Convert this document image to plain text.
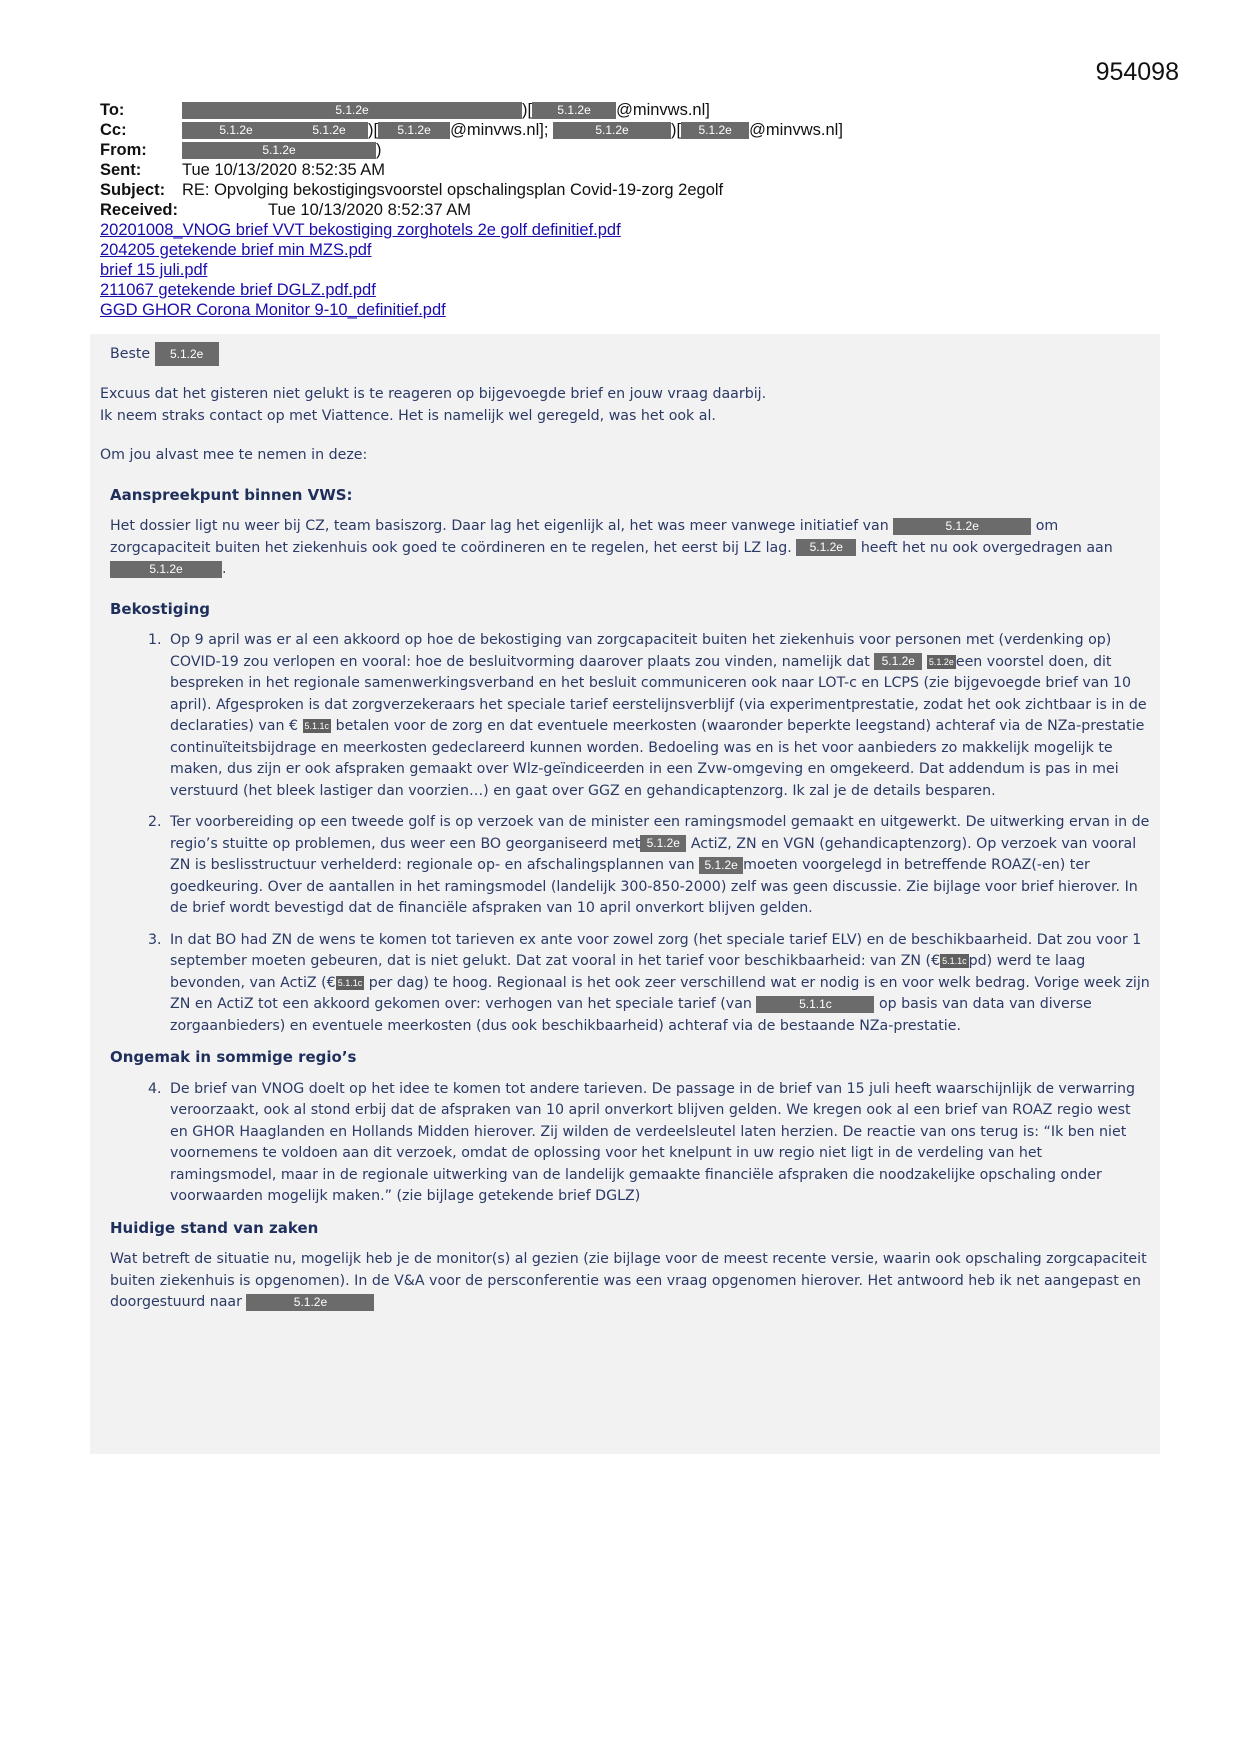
954098
To:	5.1.2e	)[ 5.1.2e @minvws.nl]
Cc:	5.1.2e	5.1.2e )[ 5.1.2e @minvws.nl];	5.1.2e	)[ 5.1.2e @minvws.nl]
From:	5.1.2e	)
Sent: Tue 10/13/2020 8:52:35 AM
Subject: RE: Opvolging bekostigingsvoorstel opschalingsplan Covid-19-zorg 2egolf
Received:	Tue 10/13/2020 8:52:37 AM
20201008_VNOG brief VVT bekostiging zorghotels 2e golf definitief.pdf
204205 getekende brief min MZS.pdf
brief 15 juli.pdf
211067 getekende brief DGLZ.pdf.pdf
GGD GHOR Corona Monitor 9-10_definitief.pdf
Beste 5.1.2e
Excuus dat het gisteren niet gelukt is te reageren op bijgevoegde brief en jouw vraag daarbij.
Ik neem straks contact op met Viattence. Het is namelijk wel geregeld, was het ook al.
Om jou alvast mee te nemen in deze:
Aanspreekpunt binnen VWS:
Het dossier ligt nu weer bij CZ, team basiszorg. Daar lag het eigenlijk al, het was meer vanwege initiatief van	5.1.2e	om zorgcapaciteit buiten het ziekenhuis ook goed te coördineren en te regelen, het eerst bij LZ lag. 5.1.2e heeft het nu ook overgedragen aan 5.1.2e	.
Bekostiging
1. Op 9 april was er al een akkoord op hoe de bekostiging van zorgcapaciteit buiten het ziekenhuis voor personen met (verdenking op) COVID-19 zou verlopen en vooral: hoe de besluitvorming daarover plaats zou vinden, namelijk dat 5.1.2e 5.1.2e een voorstel doen, dit bespreken in het regionale samenwerkingsverband en het besluit communiceren ook naar LOT-c en LCPS (zie bijgevoegde brief van 10 april). Afgesproken is dat zorgverzekeraars het speciale tarief eerstelijnsverblijf (via experimentprestatie, zodat het ook zichtbaar is in de declaraties) van € 5.1.1c betalen voor de zorg en dat eventuele meerkosten (waaronder beperkte leegstand) achteraf via de NZa-prestatie continuïteitsbijdrage en meerkosten gedeclareerd kunnen worden. Bedoeling was en is het voor aanbieders zo makkelijk mogelijk te maken, dus zijn er ook afspraken gemaakt over Wlz-geïndiceerden in een Zvw-omgeving en omgekeerd. Dat addendum is pas in mei verstuurd (het bleek lastiger dan voorzien…) en gaat over GGZ en gehandicaptenzorg. Ik zal je de details besparen.
2. Ter voorbereiding op een tweede golf is op verzoek van de minister een ramingsmodel gemaakt en uitgewerkt. De uitwerking ervan in de regio’s stuitte op problemen, dus weer een BO georganiseerd met 5.1.2e ActiZ, ZN en VGN (gehandicaptenzorg). Op verzoek van vooral ZN is beslisstructuur verhelderd: regionale op- en afschalingsplannen van 5.1.2e moeten voorgelegd in betreffende ROAZ(-en) ter goedkeuring. Over de aantallen in het ramingsmodel (landelijk 300-850-2000) zelf was geen discussie. Zie bijlage voor brief hierover. In de brief wordt bevestigd dat de financiële afspraken van 10 april onverkort blijven gelden.
3. In dat BO had ZN de wens te komen tot tarieven ex ante voor zowel zorg (het speciale tarief ELV) en de beschikbaarheid. Dat zou voor 1 september moeten gebeuren, dat is niet gelukt. Dat zat vooral in het tarief voor beschikbaarheid: van ZN (€ 5.1.1c pd) werd te laag bevonden, van ActiZ (€ 5.1.1c per dag) te hoog. Regionaal is het ook zeer verschillend wat er nodig is en voor welk bedrag. Vorige week zijn ZN en ActiZ tot een akkoord gekomen over: verhogen van het speciale tarief (van	5.1.1c	op basis van data van diverse zorgaanbieders) en eventuele meerkosten (dus ook beschikbaarheid) achteraf via de bestaande NZa-prestatie.
Ongemak in sommige regio’s
4. De brief van VNOG doelt op het idee te komen tot andere tarieven. De passage in de brief van 15 juli heeft waarschijnlijk de verwarring veroorzaakt, ook al stond erbij dat de afspraken van 10 april onverkort blijven gelden. We kregen ook al een brief van ROAZ regio west en GHOR Haaglanden en Hollands Midden hierover. Zij wilden de verdeelsleutel laten herzien. De reactie van ons terug is: “Ik ben niet voornemens te voldoen aan dit verzoek, omdat de oplossing voor het knelpunt in uw regio niet ligt in de verdeling van het ramingsmodel, maar in de regionale uitwerking van de landelijk gemaakte financiële afspraken die noodzakelijke opschaling onder voorwaarden mogelijk maken.” (zie bijlage getekende brief DGLZ)
Huidige stand van zaken
Wat betreft de situatie nu, mogelijk heb je de monitor(s) al gezien (zie bijlage voor de meest recente versie, waarin ook opschaling zorgcapaciteit buiten ziekenhuis is opgenomen). In de V&A voor de persconferentie was een vraag opgenomen hierover. Het antwoord heb ik net aangepast en doorgestuurd naar	5.1.2e
